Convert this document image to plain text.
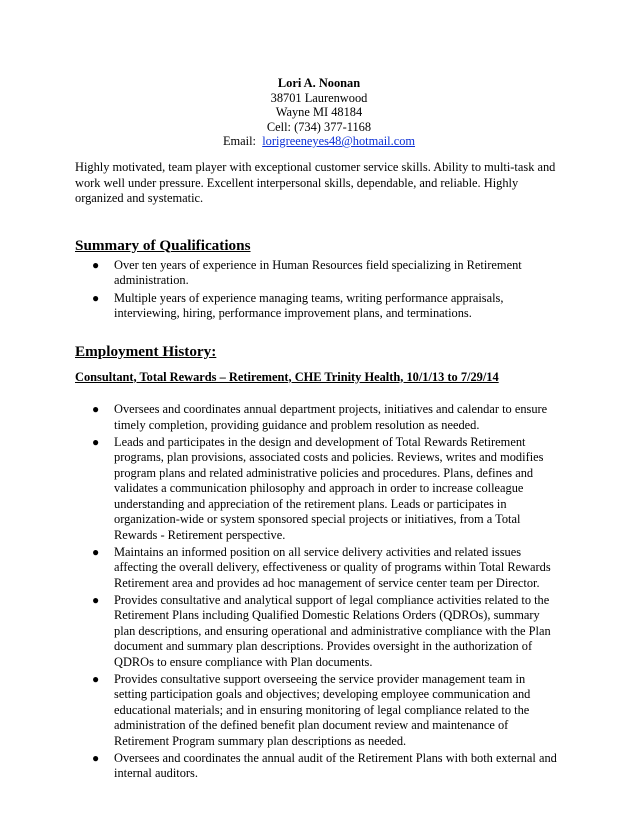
Lori A. Noonan
38701 Laurenwood
Wayne MI 48184
Cell: (734) 377-1168
Email: lorigreeneyes48@hotmail.com

Highly motivated, team player with exceptional customer service skills. Ability to multi-task and work well under pressure. Excellent interpersonal skills, dependable, and reliable. Highly organized and systematic.

Summary of Qualifications
● Over ten years of experience in Human Resources field specializing in Retirement administration.
● Multiple years of experience managing teams, writing performance appraisals, interviewing, hiring, performance improvement plans, and terminations.
Employment History:
Consultant, Total Rewards – Retirement, CHE Trinity Health, 10/1/13 to 7/29/14
● Oversees and coordinates annual department projects, initiatives and calendar to ensure timely completion, providing guidance and problem resolution as needed.
● Leads and participates in the design and development of Total Rewards Retirement programs, plan provisions, associated costs and policies. Reviews, writes and modifies program plans and related administrative policies and procedures. Plans, defines and validates a communication philosophy and approach in order to increase colleague understanding and appreciation of the retirement plans. Leads or participates in organization-wide or system sponsored special projects or initiatives, from a Total Rewards - Retirement perspective.
● Maintains an informed position on all service delivery activities and related issues affecting the overall delivery, effectiveness or quality of programs within Total Rewards Retirement area and provides ad hoc management of service center team per Director.
● Provides consultative and analytical support of legal compliance activities related to the Retirement Plans including Qualified Domestic Relations Orders (QDROs), summary plan descriptions, and ensuring operational and administrative compliance with the Plan document and summary plan descriptions. Provides oversight in the authorization of QDROs to ensure compliance with Plan documents.
● Provides consultative support overseeing the service provider management team in setting participation goals and objectives; developing employee communication and educational materials; and in ensuring monitoring of legal compliance related to the administration of the defined benefit plan document review and maintenance of Retirement Program summary plan descriptions as needed.
● Oversees and coordinates the annual audit of the Retirement Plans with both external and internal auditors.
